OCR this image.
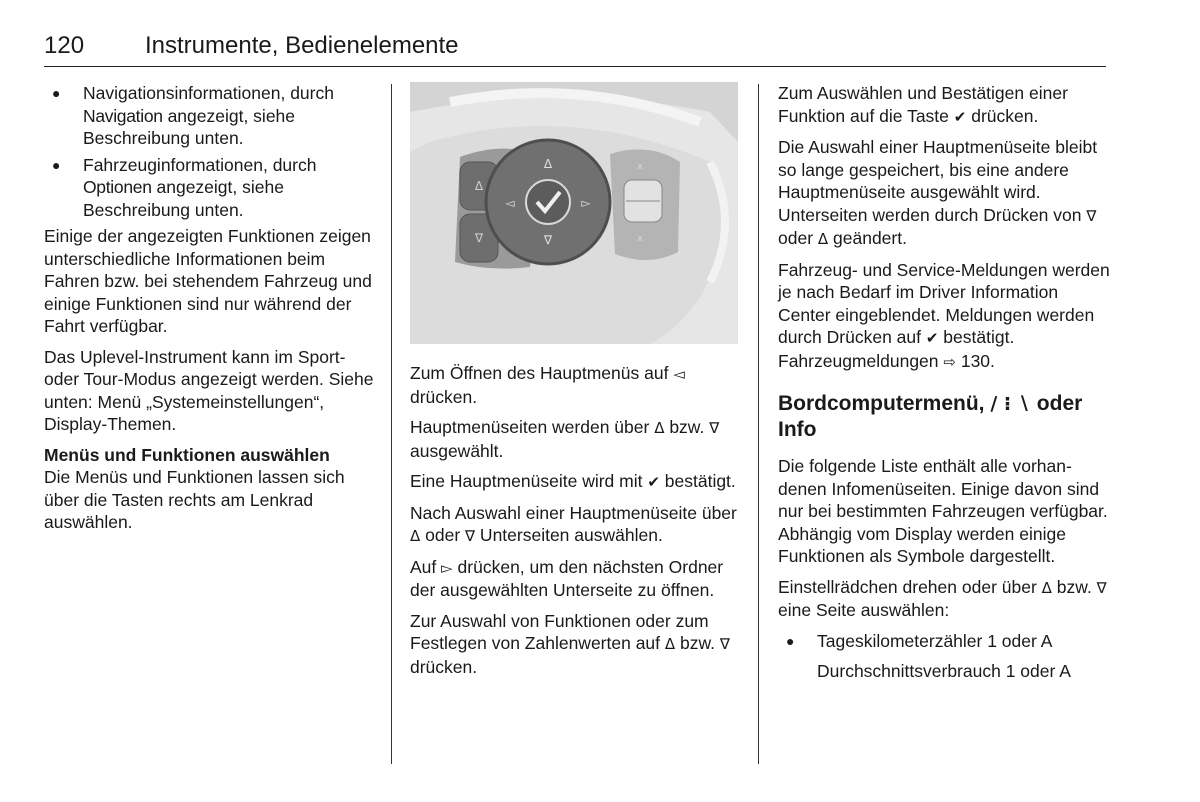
120	Instrumente, Bedienelemente
● Navigationsinformationen, durch Navigation angezeigt, siehe Beschreibung unten.
● Fahrzeuginformationen, durch Optionen angezeigt, siehe Beschreibung unten.

Einige der angezeigten Funktionen zeigen unterschiedliche Informationen beim Fahren bzw. bei stehendem Fahrzeug und einige Funktionen sind nur während der Fahrt verfügbar.

Das Uplevel-Instrument kann im Sport- oder Tour-Modus angezeigt werden. Siehe unten: Menü „Systemeinstellungen“, Display-Themen.

Menüs und Funktionen auswählen

Die Menüs und Funktionen lassen sich über die Tasten rechts am Lenkrad auswählen.

Δ
∇
Δ
∇
◅	▻
⩡
⩡

Zum Öffnen des Hauptmenüs auf ◅ drücken.

Hauptmenüseiten werden über Δ bzw. ∇ ausgewählt.

Eine Hauptmenüseite wird mit ✔ bestätigt.

Nach Auswahl einer Hauptmenüseite über Δ oder ∇ Unterseiten auswählen.

Auf ▻ drücken, um den nächsten Ordner der ausgewählten Unterseite zu öffnen.

Zur Auswahl von Funktionen oder zum Festlegen von Zahlenwerten auf Δ bzw. ∇ drücken.

Zum Auswählen und Bestätigen einer Funktion auf die Taste ✔ drücken.

Die Auswahl einer Hauptmenüseite bleibt so lange gespeichert, bis eine andere Hauptmenüseite ausgewählt wird. Unterseiten werden durch Drücken von ∇ oder Δ geändert.

Fahrzeug- und Service-Meldungen werden je nach Bedarf im Driver Information Center eingeblendet. Meldungen werden durch Drücken auf ✔ bestätigt. Fahrzeugmeldungen ⇨ 130.

Bordcomputermenü, ∕ ⁝ ∖ oder Info

Die folgende Liste enthält alle vorhandenen Infomenüseiten. Einige davon sind nur bei bestimmten Fahrzeugen verfügbar. Abhängig vom Display werden einige Funktionen als Symbole dargestellt.

Einstellrädchen drehen oder über Δ bzw. ∇ eine Seite auswählen:

● Tageskilometerzähler 1 oder A
Durchschnittsverbrauch 1 oder A
